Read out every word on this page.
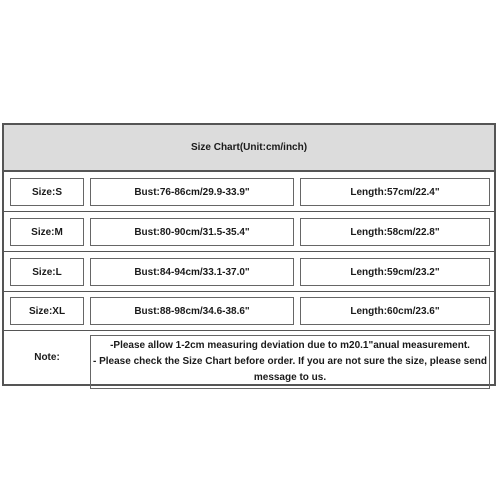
Size Chart(Unit:cm/inch)
Size:S	Bust:76-86cm/29.9-33.9"	Length:57cm/22.4"
Size:M	Bust:80-90cm/31.5-35.4"	Length:58cm/22.8"
Size:L	Bust:84-94cm/33.1-37.0"	Length:59cm/23.2"
Size:XL	Bust:88-98cm/34.6-38.6"	Length:60cm/23.6"
Note:
-Please allow 1-2cm measuring deviation due to m20.1"anual measurement.
- Please check the Size Chart before order. If you are not sure the size, please send message to us.
